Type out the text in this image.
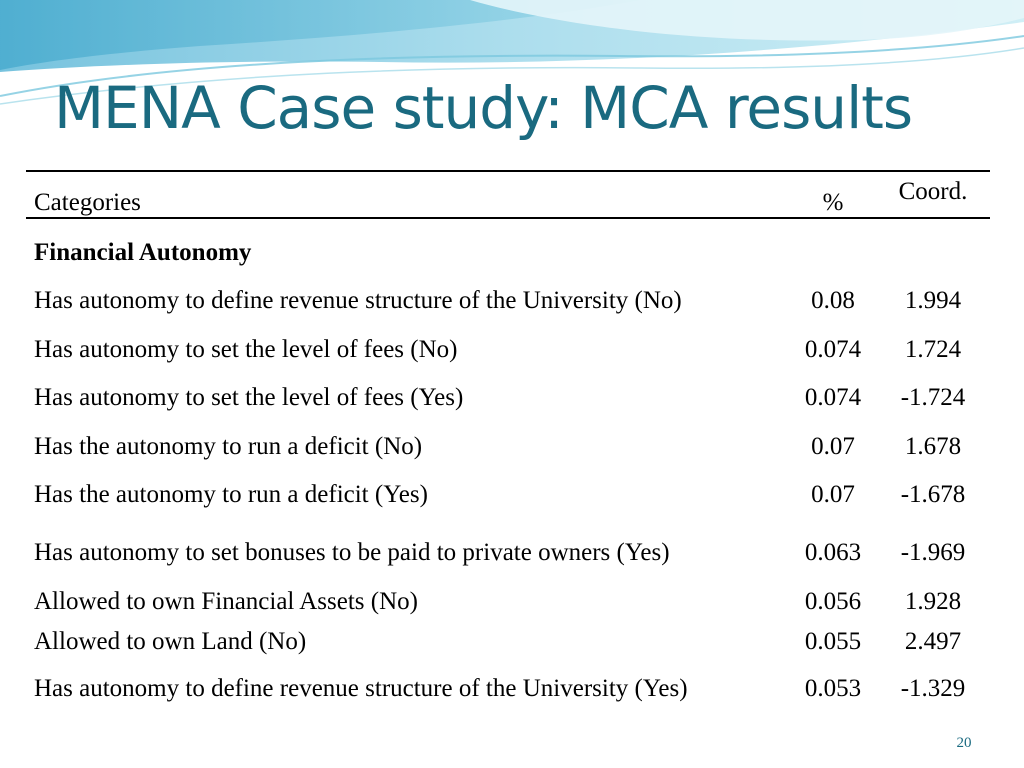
MENA Case study: MCA results
Categories	%	Coord.
Financial Autonomy
Has autonomy to define revenue structure of the University (No)	0.08	1.994
Has autonomy to set the level of fees (No)	0.074	1.724
Has autonomy to set the level of fees (Yes)	0.074	-1.724
Has the autonomy to run a deficit (No)	0.07	1.678
Has the autonomy to run a deficit (Yes)	0.07	-1.678
Has autonomy to set bonuses to be paid to private owners (Yes)	0.063	-1.969
Allowed to own Financial Assets (No)	0.056	1.928
Allowed to own Land (No)	0.055	2.497
Has autonomy to define revenue structure of the University (Yes)	0.053	-1.329
20
